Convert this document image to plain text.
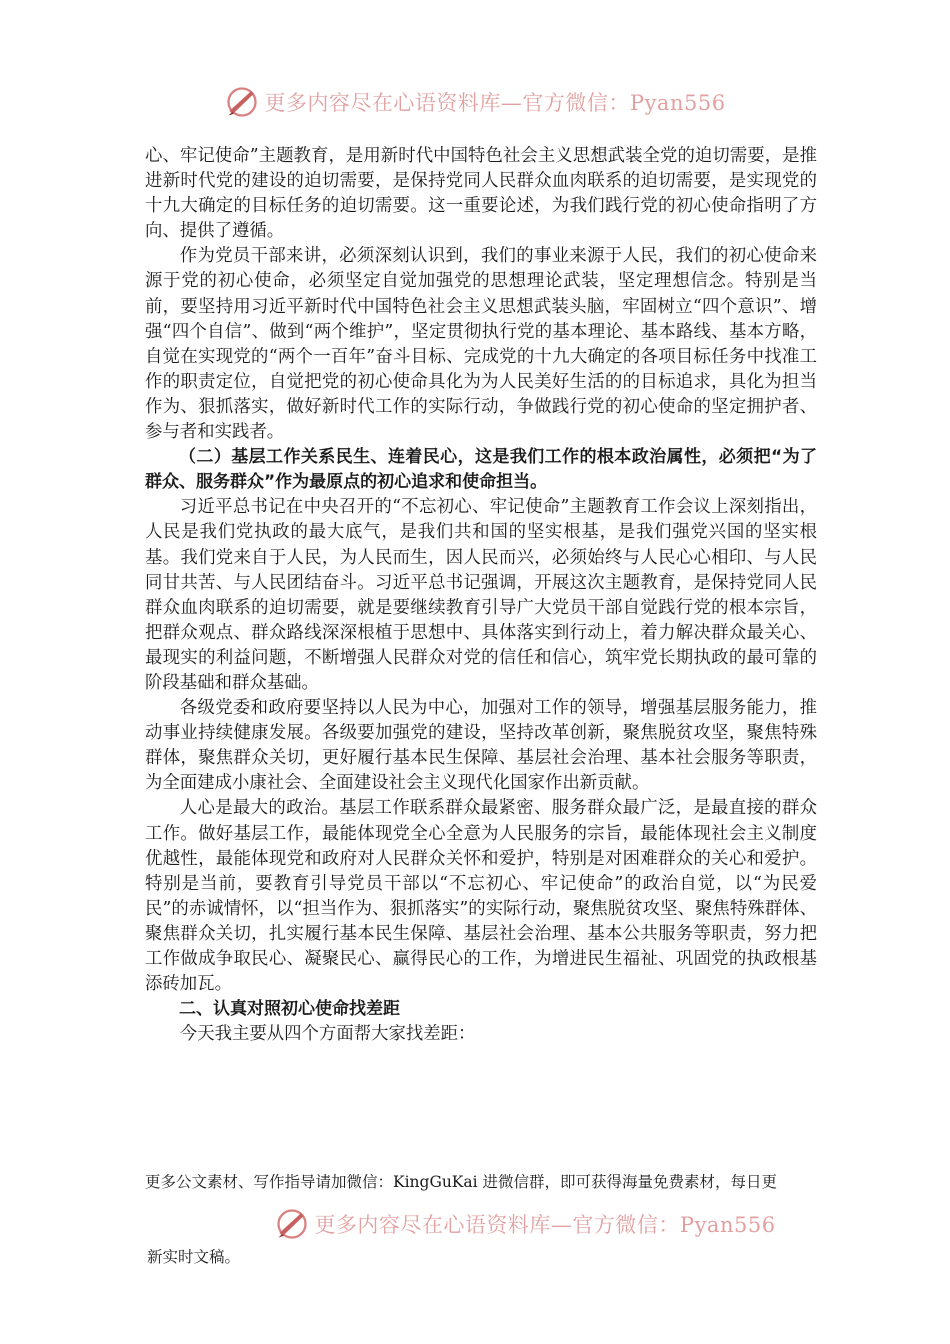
更多内容尽在心语资料库—官方微信：Pyan556

心、牢记使命”主题教育，是用新时代中国特色社会主义思想武装全党的迫切需要，是推进新时代党的建设的迫切需要，是保持党同人民群众血肉联系的迫切需要，是实现党的十九大确定的目标任务的迫切需要。这一重要论述，为我们践行党的初心使命指明了方向、提供了遵循。

作为党员干部来讲，必须深刻认识到，我们的事业来源于人民，我们的初心使命来源于党的初心使命，必须坚定自觉加强党的思想理论武装，坚定理想信念。特别是当前，要坚持用习近平新时代中国特色社会主义思想武装头脑，牢固树立“四个意识”、增强“四个自信”、做到“两个维护”，坚定贯彻执行党的基本理论、基本路线、基本方略，自觉在实现党的“两个一百年”奋斗目标、完成党的十九大确定的各项目标任务中找准工作的职责定位，自觉把党的初心使命具化为为人民美好生活的的目标追求，具化为担当作为、狠抓落实，做好新时代工作的实际行动，争做践行党的初心使命的坚定拥护者、参与者和实践者。

（二）基层工作关系民生、连着民心，这是我们工作的根本政治属性，必须把“为了群众、服务群众”作为最原点的初心追求和使命担当。

习近平总书记在中央召开的“不忘初心、牢记使命”主题教育工作会议上深刻指出，人民是我们党执政的最大底气，是我们共和国的坚实根基，是我们强党兴国的坚实根基。我们党来自于人民，为人民而生，因人民而兴，必须始终与人民心心相印、与人民同甘共苦、与人民团结奋斗。习近平总书记强调，开展这次主题教育，是保持党同人民群众血肉联系的迫切需要，就是要继续教育引导广大党员干部自觉践行党的根本宗旨，把群众观点、群众路线深深根植于思想中、具体落实到行动上，着力解决群众最关心、最现实的利益问题，不断增强人民群众对党的信任和信心，筑牢党长期执政的最可靠的阶段基础和群众基础。

各级党委和政府要坚持以人民为中心，加强对工作的领导，增强基层服务能力，推动事业持续健康发展。各级要加强党的建设，坚持改革创新，聚焦脱贫攻坚，聚焦特殊群体，聚焦群众关切，更好履行基本民生保障、基层社会治理、基本社会服务等职责，为全面建成小康社会、全面建设社会主义现代化国家作出新贡献。

人心是最大的政治。基层工作联系群众最紧密、服务群众最广泛，是最直接的群众工作。做好基层工作，最能体现党全心全意为人民服务的宗旨，最能体现社会主义制度优越性，最能体现党和政府对人民群众关怀和爱护，特别是对困难群众的关心和爱护。特别是当前，要教育引导党员干部以“不忘初心、牢记使命”的政治自觉，以“为民爱民”的赤诚情怀，以“担当作为、狠抓落实”的实际行动，聚焦脱贫攻坚、聚焦特殊群体、聚焦群众关切，扎实履行基本民生保障、基层社会治理、基本公共服务等职责，努力把工作做成争取民心、凝聚民心、赢得民心的工作，为增进民生福祉、巩固党的执政根基添砖加瓦。

二、认真对照初心使命找差距

今天我主要从四个方面帮大家找差距：

更多公文素材、写作指导请加微信：KingGuKai 进微信群，即可获得海量免费素材，每日更
更多内容尽在心语资料库—官方微信：Pyan556
新实时文稿。
